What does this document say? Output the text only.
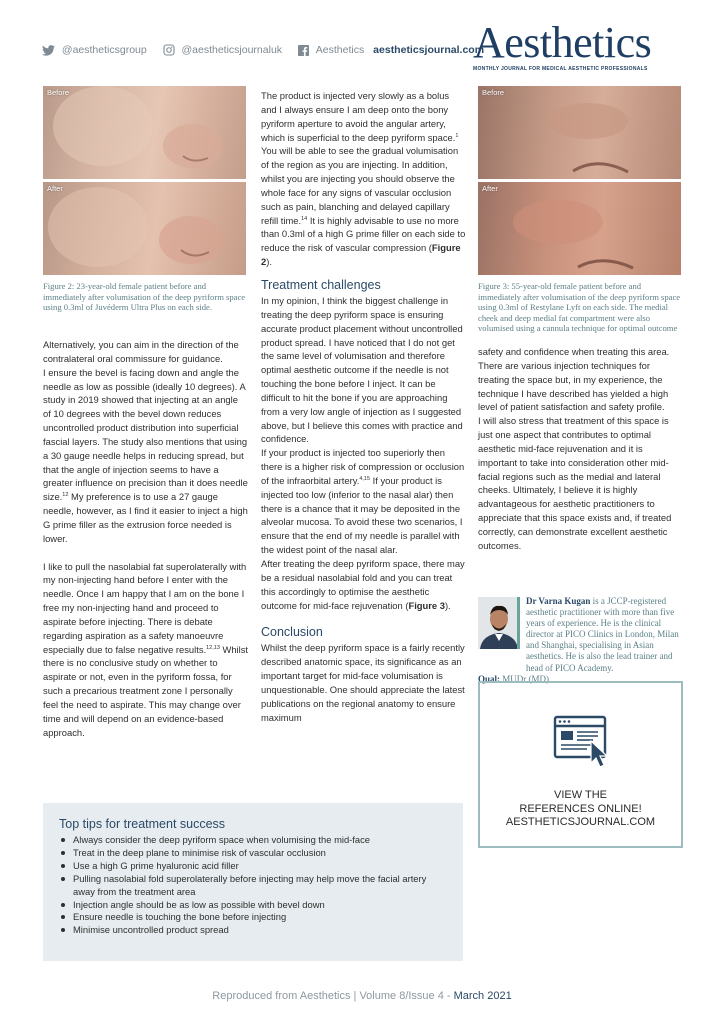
@aestheticsgroup	@aestheticsjournaluk	Aesthetics aestheticsjournal.com
Aesthetics
MONTHLY JOURNAL FOR MEDICAL AESTHETIC PROFESSIONALS
Before
After
Figure 2: 23-year-old female patient before and immediately after volumisation of the deep pyriform space using 0.3ml of Juvéderm Ultra Plus on each side.
Before
After
Figure 3: 55-year-old female patient before and immediately after volumisation of the deep pyriform space using 0.3ml of Restylane Lyft on each side. The medial cheek and deep medial fat compartment were also volumised using a cannula technique for optimal outcome

Alternatively, you can aim in the direction of the contralateral oral commissure for guidance.

I ensure the bevel is facing down and angle the needle as low as possible (ideally 10 degrees). A study in 2019 showed that injecting at an angle of 10 degrees with the bevel down reduces uncontrolled product distribution into superficial fascial layers. The study also mentions that using a 30 gauge needle helps in reducing spread, but that the angle of injection seems to have a greater influence on precision than it does needle size.$^{12}$ My preference is to use a 27 gauge needle, however, as I find it easier to inject a high G prime filler as the extrusion force needed is lower.

I like to pull the nasolabial fat superolaterally with my non-injecting hand before I enter with the needle. Once I am happy that I am on the bone I free my non-injecting hand and proceed to aspirate before injecting. There is debate regarding aspiration as a safety manoeuvre especially due to false negative results.$^{12,13}$ Whilst there is no conclusive study on whether to aspirate or not, even in the pyriform fossa, for such a precarious treatment zone I personally feel the need to aspirate. This may change over time and will depend on an evidence-based approach.

The product is injected very slowly as a bolus and I always ensure I am deep onto the bony pyriform aperture to avoid the angular artery, which is superficial to the deep pyriform space.$^1$ You will be able to see the gradual volumisation of the region as you are injecting. In addition, whilst you are injecting you should observe the whole face for any signs of vascular occlusion such as pain, blanching and delayed capillary refill time.$^{14}$ It is highly advisable to use no more than 0.3ml of a high G prime filler on each side to reduce the risk of vascular compression (Figure 2).

Treatment challenges

In my opinion, I think the biggest challenge in treating the deep pyriform space is ensuring accurate product placement without uncontrolled product spread. I have noticed that I do not get the same level of volumisation and therefore optimal aesthetic outcome if the needle is not touching the bone before I inject. It can be difficult to hit the bone if you are approaching from a very low angle of injection as I suggested above, but I believe this comes with practice and confidence.

If your product is injected too superiorly then there is a higher risk of compression or occlusion of the infraorbital artery.$^{4,15}$ If your product is injected too low (inferior to the nasal alar) then there is a chance that it may be deposited in the alveolar mucosa. To avoid these two scenarios, I ensure that the end of my needle is parallel with the widest point of the nasal alar.

After treating the deep pyriform space, there may be a residual nasolabial fold and you can treat this accordingly to optimise the aesthetic outcome for mid-face rejuvenation (Figure 3).

Conclusion

Whilst the deep pyriform space is a fairly recently described anatomic space, its significance as an important target for mid-face volumisation is unquestionable. One should appreciate the latest publications on the regional anatomy to ensure maximum

safety and confidence when treating this area. There are various injection techniques for treating the space but, in my experience, the technique I have described has yielded a high level of patient satisfaction and safety profile.

I will also stress that treatment of this space is just one aspect that contributes to optimal aesthetic mid-face rejuvenation and it is important to take into consideration other mid-facial regions such as the medial and lateral cheeks. Ultimately, I believe it is highly advantageous for aesthetic practitioners to appreciate that this space exists and, if treated correctly, can demonstrate excellent aesthetic outcomes.

Dr Varna Kugan is a JCCP-registered aesthetic practitioner with more than five years of experience. He is the clinical director at PICO Clinics in London, Milan and Shanghai, specialising in Asian aesthetics. He is also the lead trainer and head of PICO Academy.
Qual: MUDr (MD)
VIEW THE
REFERENCES ONLINE!
AESTHETICSJOURNAL.COM
Top tips for treatment success
Always consider the deep pyriform space when volumising the mid-face
Treat in the deep plane to minimise risk of vascular occlusion
Use a high G prime hyaluronic acid filler
Pulling nasolabial fold superolaterally before injecting may help move the facial artery away from the treatment area
Injection angle should be as low as possible with bevel down
Ensure needle is touching the bone before injecting
Minimise uncontrolled product spread
Reproduced from Aesthetics | Volume 8/Issue 4 - March 2021
